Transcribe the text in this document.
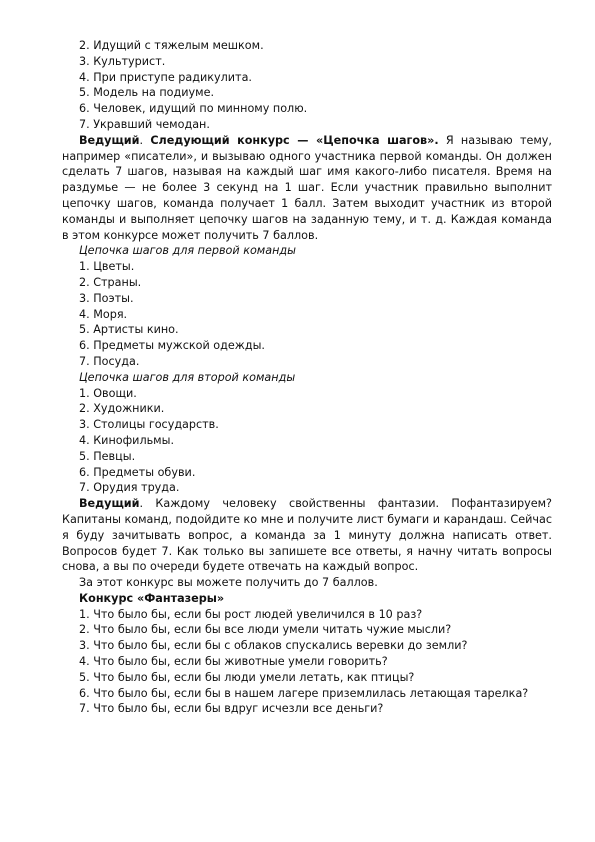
2. Идущий с тяжелым мешком.
3. Культурист.
4. При приступе радикулита.
5. Модель на подиуме.
6. Человек, идущий по минному полю.
7. Укравший чемодан.

Ведущий. Следующий конкурс — «Цепочка шагов». Я называю тему, например «писатели», и вызываю одного участника первой команды. Он должен сделать 7 шагов, называя на каждый шаг имя какого-либо писателя. Время на раздумье — не более 3 секунд на 1 шаг. Если участник правильно выполнит цепочку шагов, команда получает 1 балл. Затем выходит участник из второй команды и выполняет цепочку шагов на заданную тему, и т. д. Каждая команда в этом конкурсе может получить 7 баллов.

Цепочка шагов для первой команды
1. Цветы.
2. Страны.
3. Поэты.
4. Моря.
5. Артисты кино.
6. Предметы мужской одежды.
7. Посуда.
Цепочка шагов для второй команды
1. Овощи.
2. Художники.
3. Столицы государств.
4. Кинофильмы.
5. Певцы.
6. Предметы обуви.
7. Орудия труда.

Ведущий. Каждому человеку свойственны фантазии. Пофантазируем? Капитаны команд, подойдите ко мне и получите лист бумаги и карандаш. Сейчас я буду зачитывать вопрос, а команда за 1 минуту должна написать ответ. Вопросов будет 7. Как только вы запишете все ответы, я начну читать вопросы снова, а вы по очереди будете отвечать на каждый вопрос.

За этот конкурс вы можете получить до 7 баллов.
Конкурс «Фантазеры»
1. Что было бы, если бы рост людей увеличился в 10 раз?
2. Что было бы, если бы все люди умели читать чужие мысли?
3. Что было бы, если бы с облаков спускались веревки до земли?
4. Что было бы, если бы животные умели говорить?
5. Что было бы, если бы люди умели летать, как птицы?

6. Что было бы, если бы в нашем лагере приземлилась летающая тарелка?

7. Что было бы, если бы вдруг исчезли все деньги?
